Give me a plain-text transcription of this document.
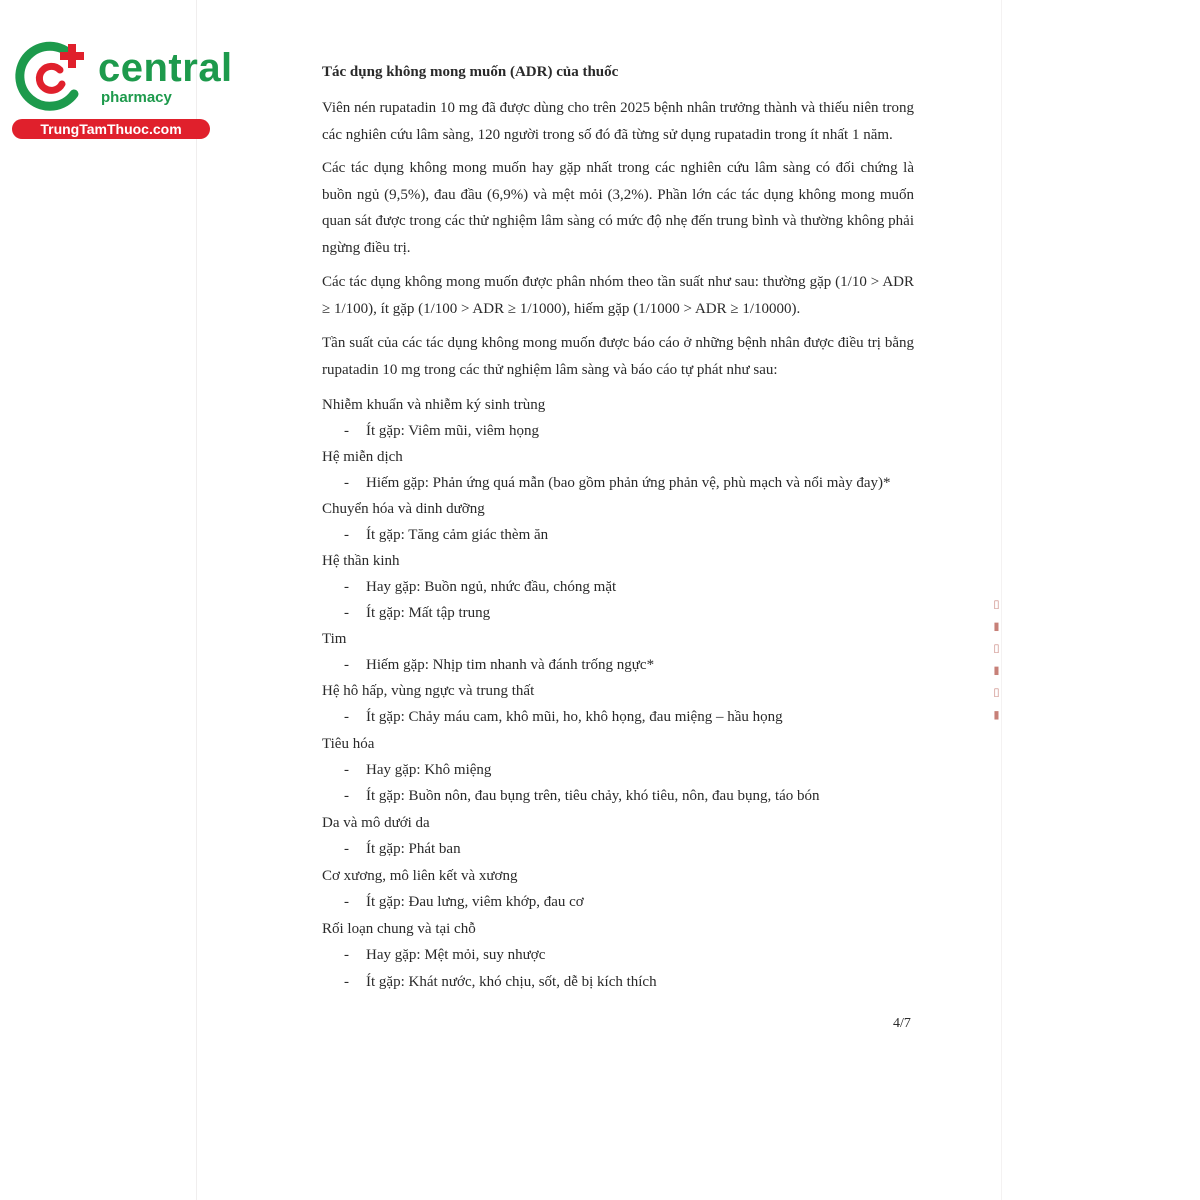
central
pharmacy
TrungTamThuoc.com
Tác dụng không mong muốn (ADR) của thuốc
Viên nén rupatadin 10 mg đã được dùng cho trên 2025 bệnh nhân trưởng thành và thiếu niên trong các nghiên cứu lâm sàng, 120 người trong số đó đã từng sử dụng rupatadin trong ít nhất 1 năm.
Các tác dụng không mong muốn hay gặp nhất trong các nghiên cứu lâm sàng có đối chứng là buồn ngủ (9,5%), đau đầu (6,9%) và mệt mỏi (3,2%). Phần lớn các tác dụng không mong muốn quan sát được trong các thử nghiệm lâm sàng có mức độ nhẹ đến trung bình và thường không phải ngừng điều trị.
Các tác dụng không mong muốn được phân nhóm theo tần suất như sau: thường gặp (1/10 > ADR ≥ 1/100), ít gặp (1/100 > ADR ≥ 1/1000), hiếm gặp (1/1000 > ADR ≥ 1/10000).
Tần suất của các tác dụng không mong muốn được báo cáo ở những bệnh nhân được điều trị bằng rupatadin 10 mg trong các thử nghiệm lâm sàng và báo cáo tự phát như sau:
Nhiễm khuẩn và nhiễm ký sinh trùng
- Ít gặp: Viêm mũi, viêm họng
Hệ miễn dịch
- Hiếm gặp: Phản ứng quá mẫn (bao gồm phản ứng phản vệ, phù mạch và nổi mày đay)*
Chuyển hóa và dinh dưỡng
- Ít gặp: Tăng cảm giác thèm ăn
Hệ thần kinh
- Hay gặp: Buồn ngủ, nhức đầu, chóng mặt
- Ít gặp: Mất tập trung
Tim
- Hiếm gặp: Nhịp tim nhanh và đánh trống ngực*
Hệ hô hấp, vùng ngực và trung thất
- Ít gặp: Chảy máu cam, khô mũi, ho, khô họng, đau miệng – hầu họng
Tiêu hóa
- Hay gặp: Khô miệng
- Ít gặp: Buồn nôn, đau bụng trên, tiêu chảy, khó tiêu, nôn, đau bụng, táo bón
Da và mô dưới da
- Ít gặp: Phát ban
Cơ xương, mô liên kết và xương
- Ít gặp: Đau lưng, viêm khớp, đau cơ
Rối loạn chung và tại chỗ
- Hay gặp: Mệt mỏi, suy nhược
- Ít gặp: Khát nước, khó chịu, sốt, dễ bị kích thích
4/7
▮ ▯ ▮ ▯ ▮ ▯
